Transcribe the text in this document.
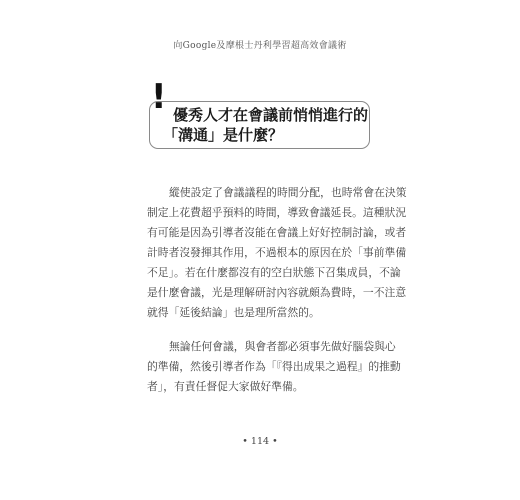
向Google及摩根士丹利學習超高效會議術
! 優秀人才在會議前悄悄進行的
「溝通」是什麼？
縱使設定了會議議程的時間分配，也時常會在決策
制定上花費超乎預料的時間，導致會議延長。這種狀況
有可能是因為引導者沒能在會議上好好控制討論，或者
計時者沒發揮其作用，不過根本的原因在於「事前準備
不足」。若在什麼都沒有的空白狀態下召集成員，不論
是什麼會議，光是理解研討內容就頗為費時，一不注意
就得「延後結論」也是理所當然的。
無論任何會議，與會者都必須事先做好腦袋與心
的準備，然後引導者作為「『得出成果之過程』的推動
者」，有責任督促大家做好準備。
• 114 •
